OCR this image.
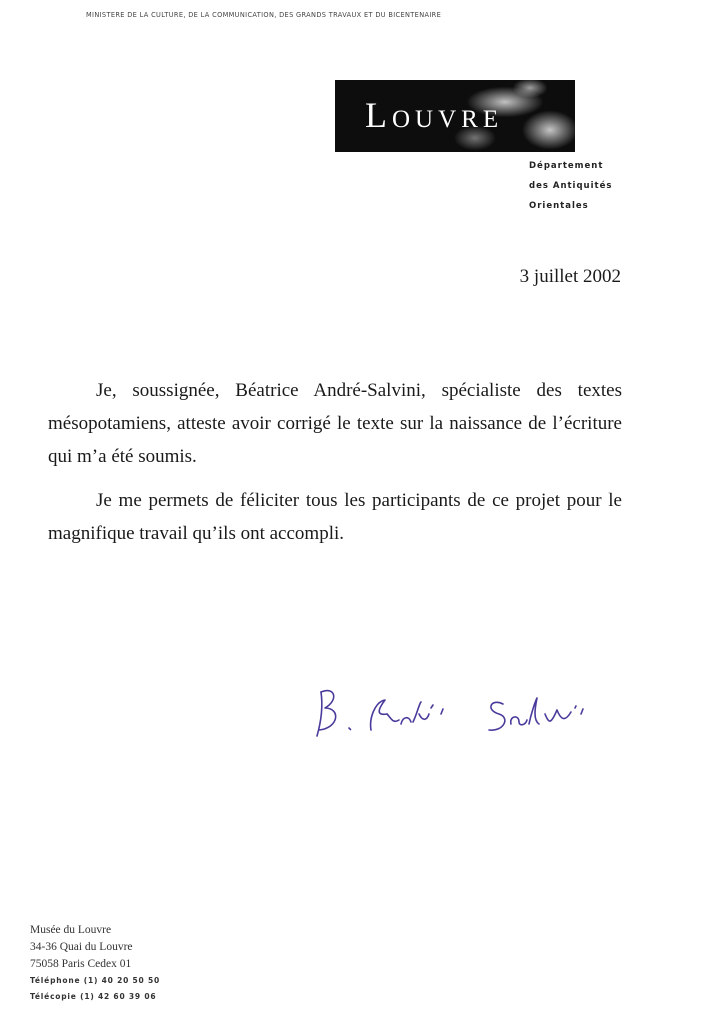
MINISTERE DE LA CULTURE, DE LA COMMUNICATION, DES GRANDS TRAVAUX ET DU BICENTENAIRE
Louvre
Département
des Antiquités
Orientales
3 juillet 2002

Je, soussignée, Béatrice André-Salvini, spécialiste des textes mésopotamiens, atteste avoir corrigé le texte sur la naissance de l’écriture qui m’a été soumis.

Je me permets de féliciter tous les participants de ce projet pour le magnifique travail qu’ils ont accompli.

Musée du Louvre
34-36 Quai du Louvre
75058 Paris Cedex 01
Téléphone (1) 40 20 50 50
Télécopie (1) 42 60 39 06
